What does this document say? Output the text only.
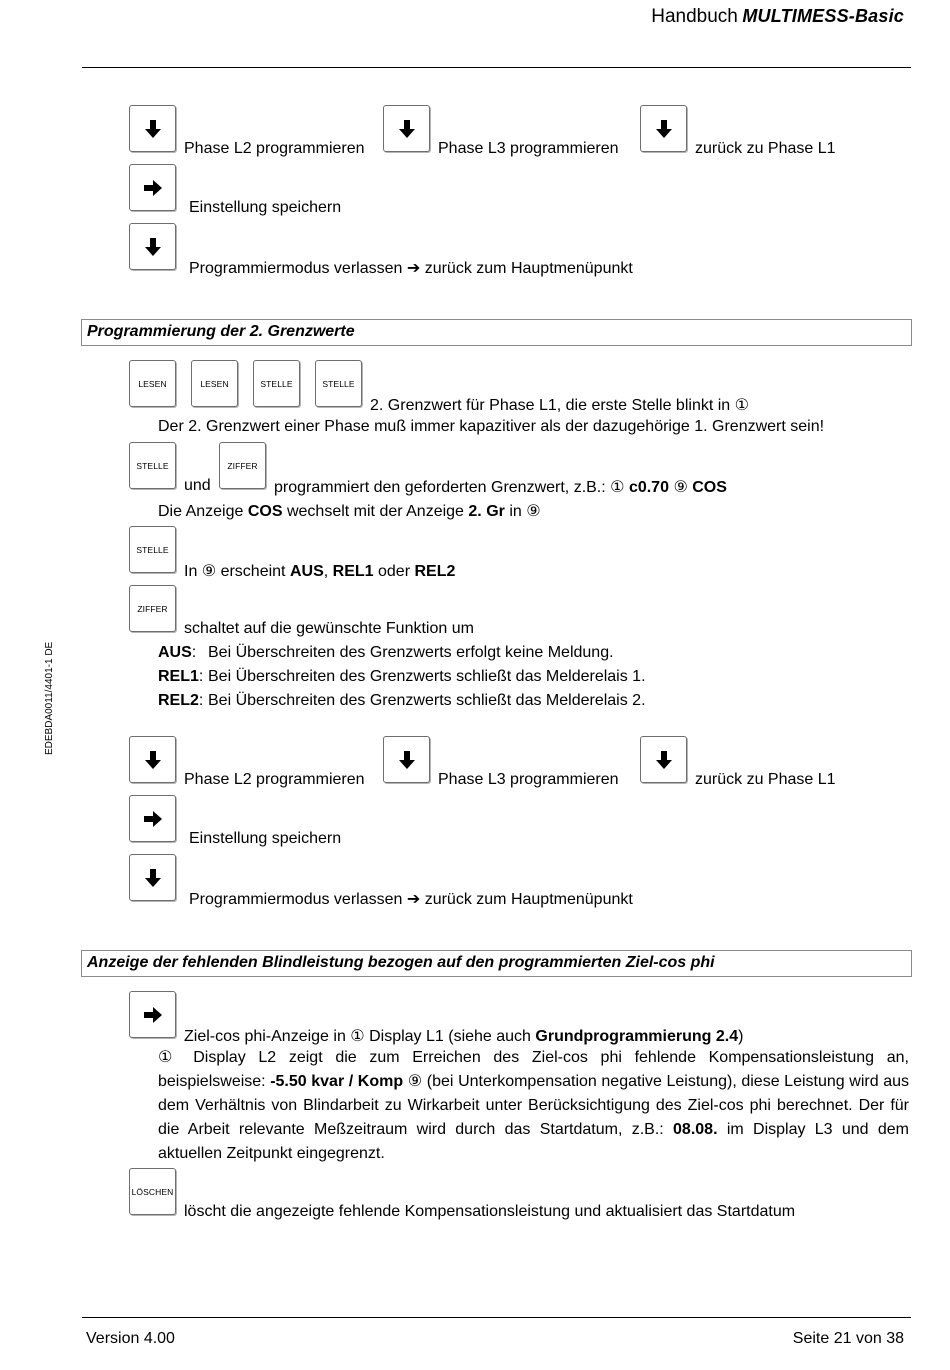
Handbuch MULTIMESS-Basic
EDEBDA0011/4401-1 DE
Phase L2 programmieren	Phase L3 programmieren	zurück zu Phase L1
Einstellung speichern
Programmiermodus verlassen ➔ zurück zum Hauptmenüpunkt
Programmierung der 2. Grenzwerte
LESEN	LESEN	STELLE	STELLE
2. Grenzwert für Phase L1, die erste Stelle blinkt in ①
Der 2. Grenzwert einer Phase muß immer kapazitiver als der dazugehörige 1. Grenzwert sein!
STELLE
und
ZIFFER
programmiert den geforderten Grenzwert, z.B.: ① c0.70 ⑨ COS
Die Anzeige COS wechselt mit der Anzeige 2. Gr in ⑨
STELLE
In ⑨ erscheint AUS, REL1 oder REL2
ZIFFER
schaltet auf die gewünschte Funktion um
AUS: Bei Überschreiten des Grenzwerts erfolgt keine Meldung.
REL1: Bei Überschreiten des Grenzwerts schließt das Melderelais 1.
REL2: Bei Überschreiten des Grenzwerts schließt das Melderelais 2.
Phase L2 programmieren	Phase L3 programmieren	zurück zu Phase L1
Einstellung speichern
Programmiermodus verlassen ➔ zurück zum Hauptmenüpunkt
Anzeige der fehlenden Blindleistung bezogen auf den programmierten Ziel-cos phi
Ziel-cos phi-Anzeige in ① Display L1 (siehe auch Grundprogrammierung 2.4)
① Display L2 zeigt die zum Erreichen des Ziel-cos phi fehlende Kompensationsleistung an, beispielsweise: -5.50 kvar / Komp ⑨ (bei Unterkompensation negative Leistung), diese Leistung wird aus dem Verhältnis von Blindarbeit zu Wirkarbeit unter Berücksichtigung des Ziel-cos phi berechnet. Der für die Arbeit relevante Meßzeitraum wird durch das Startdatum, z.B.: 08.08. im Display L3 und dem aktuellen Zeitpunkt eingegrenzt.
LÖSCHEN
löscht die angezeigte fehlende Kompensationsleistung und aktualisiert das Startdatum
Version 4.00	Seite 21 von 38
